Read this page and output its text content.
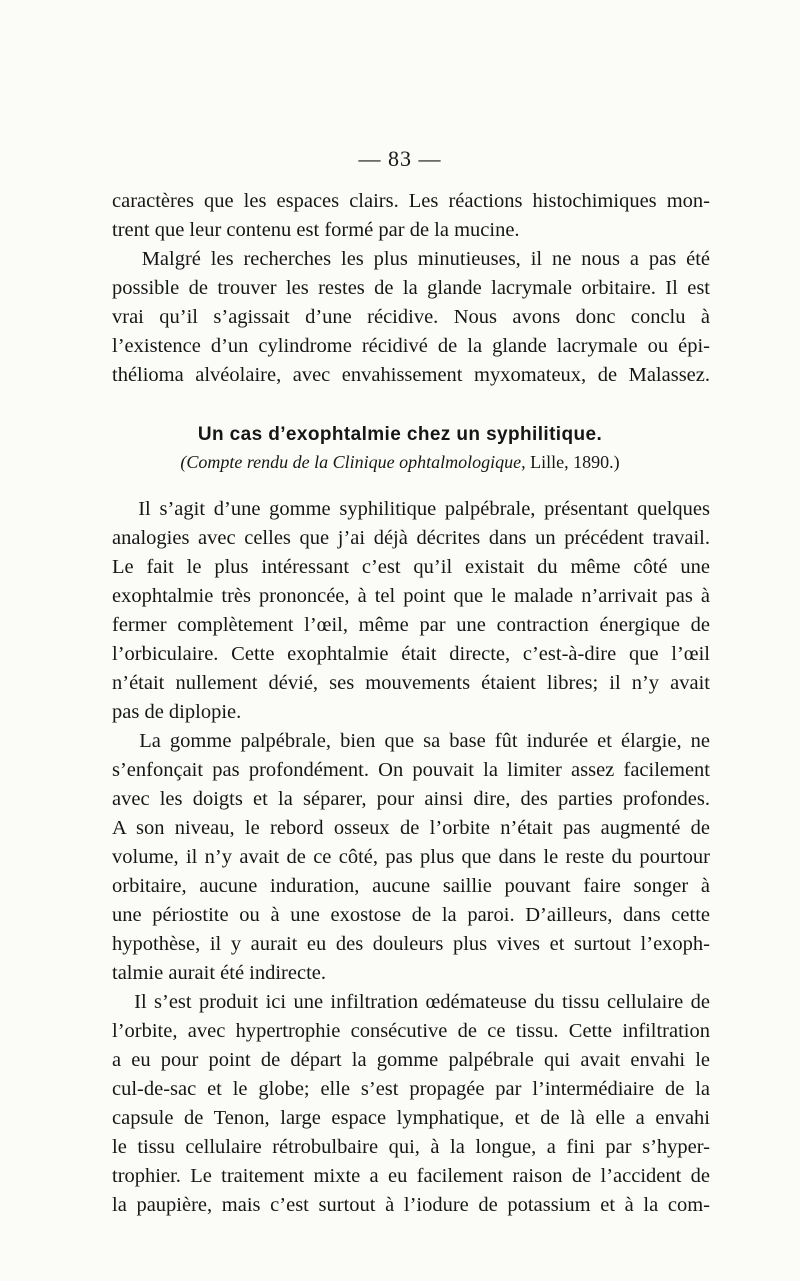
— 83 —
caractères que les espaces clairs. Les réactions histochimiques mon-
trent que leur contenu est formé par de la mucine.
Malgré les recherches les plus minutieuses, il ne nous a pas été
possible de trouver les restes de la glande lacrymale orbitaire. Il est
vrai qu’il s’agissait d’une récidive. Nous avons donc conclu à
l’existence d’un cylindrome récidivé de la glande lacrymale ou épi-
thélioma alvéolaire, avec envahissement myxomateux, de Malassez.
Un cas d’exophtalmie chez un syphilitique.
(Compte rendu de la Clinique ophtalmologique, Lille, 1890.)
Il s’agit d’une gomme syphilitique palpébrale, présentant quelques
analogies avec celles que j’ai déjà décrites dans un précédent travail.
Le fait le plus intéressant c’est qu’il existait du même côté une
exophtalmie très prononcée, à tel point que le malade n’arrivait pas à
fermer complètement l’œil, même par une contraction énergique de
l’orbiculaire. Cette exophtalmie était directe, c’est-à-dire que l’œil
n’était nullement dévié, ses mouvements étaient libres; il n’y avait
pas de diplopie.
La gomme palpébrale, bien que sa base fût indurée et élargie, ne
s’enfonçait pas profondément. On pouvait la limiter assez facilement
avec les doigts et la séparer, pour ainsi dire, des parties profondes.
A son niveau, le rebord osseux de l’orbite n’était pas augmenté de
volume, il n’y avait de ce côté, pas plus que dans le reste du pourtour
orbitaire, aucune induration, aucune saillie pouvant faire songer à
une périostite ou à une exostose de la paroi. D’ailleurs, dans cette
hypothèse, il y aurait eu des douleurs plus vives et surtout l’exoph-
talmie aurait été indirecte.
Il s’est produit ici une infiltration œdémateuse du tissu cellulaire de
l’orbite, avec hypertrophie consécutive de ce tissu. Cette infiltration
a eu pour point de départ la gomme palpébrale qui avait envahi le
cul-de-sac et le globe; elle s’est propagée par l’intermédiaire de la
capsule de Tenon, large espace lymphatique, et de là elle a envahi
le tissu cellulaire rétrobulbaire qui, à la longue, a fini par s’hyper-
trophier. Le traitement mixte a eu facilement raison de l’accident de
la paupière, mais c’est surtout à l’iodure de potassium et à la com-
